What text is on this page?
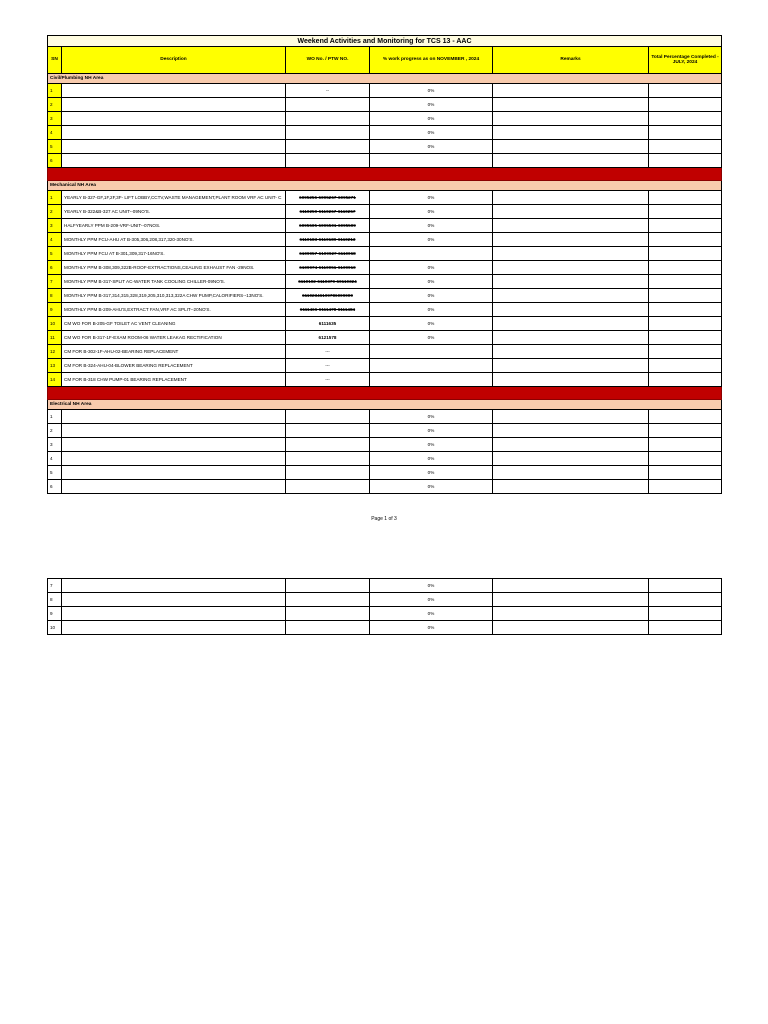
Weekend Activities and Monitoring for TCS 13 - AAC					
SN	Description	WO No. / PTW NO.	% work progress as on NOVEMBER , 2024	Remarks	Total Percentage Completed - JULY, 2024
Civil/Plumbing NH Area					
1		--	0%		
2			0%		
3			0%		
4			0%		
5			0%		
6					

Mechanical NH Area					
1	YEARLY B-327-GF,1F,2F,3F- LIFT LOBBY,CCTV,WASTE MANAGEMENT,PLANT ROOM VRF AC UNIT- C	6095256-6095267-6095271	0%		
2	YEARLY B-322&B-327 AC UNIT--09NO'S.	6110259-6110267-6110257	0%		
3	HALFYEARLY PPM B-209-VRF-UNIT--07NOS.	6095505-6095501-6095509	0%		
4	MONTHLY PPM FCU-AHU AT B-305,306,208,317,320-30NO'S.	6110183-6110189-6110213	0%		
5	MONTHLY PPM FCU AT B-301,309,317-16NO'S.	6109957-6109927-6110068			
6	MONTHLY PPM B-308,309,322B-ROOF-EXTRACTIONS,CEALING EXHAUST FAN -29NOS.	6109974-6110051-6109910	0%		
7	MONTHLY PPM B-317-SPLIT AC-WATER TANK COOLING CHILLER-09NO'S.	6110102-6110379-60110324	0%		
8	MONTHLY PPM B-317,314,315,328,319,205,310,313,322A CHW PUMP,CALORIFIERS--13NO'S.	61102346109786009000	0%		
9	MONTHLY PPM B-209-AHU'S,EXTRACT FAN,VRF AC SPLIT--20NO'S.	6111466-6111478-6111484	0%		
10	CM WO FOR B-205-GF TOILET AC VENT CLEANING	6111635	0%		
11	CM WO FOR B-317-1F-EXAM ROOM-06 WATER LEAKAG RECTIFICATION	6121578	0%		
12	CM FOR B-302-1F-AHU-02-BEARING REPLACEMENT	---			
13	CM FOR B-324-AHU-04-BLOWER BEARING REPLACEMENT	---			
14	CM FOR B-318 CHW PUMP-01 BEARING REPLACEMENT	---			

Electrical NH Area					
1			0%		
2			0%		
3			0%		
4			0%		
5			0%		
6			0%		
Page 1 of 3
7			0%		
8			0%		
9			0%		
10			0%		
